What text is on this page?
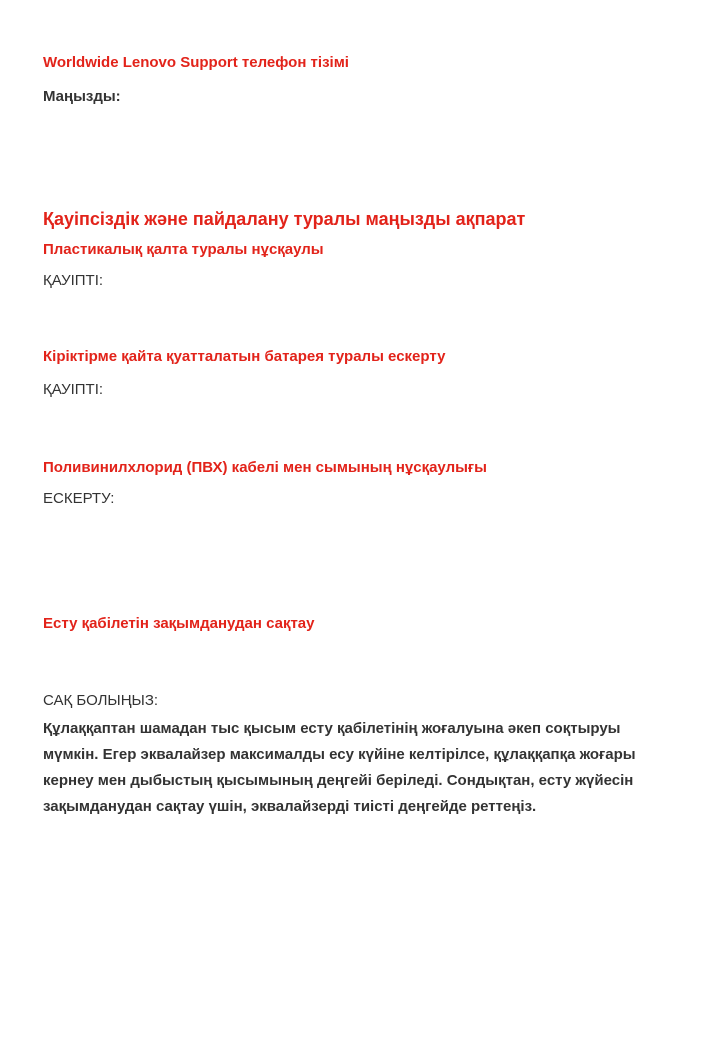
Worldwide Lenovo Support телефон тізімі
Маңызды:
Қауіпсіздік және пайдалану туралы маңызды ақпарат
Пластикалық қалта туралы нұсқаулы
ҚАУІПТІ:
Кіріктірме қайта қуатталатын батарея туралы ескерту
ҚАУІПТІ:
Поливинилхлорид (ПВХ) кабелі мен сымының нұсқаулығы
ЕСКЕРТУ:
Есту қабілетін зақымданудан сақтау
САҚ БОЛЫҢЫЗ:

Құлаққаптан шамадан тыс қысым есту қабілетінің жоғалуына әкеп соқтыруы мүмкін. Егер эквалайзер максималды есу күйіне келтірілсе, құлаққапқа жоғары кернеу мен дыбыстың қысымының деңгейі беріледі. Сондықтан, есту жүйесін зақымданудан сақтау үшін, эквалайзерді тиісті деңгейде реттеңіз.
